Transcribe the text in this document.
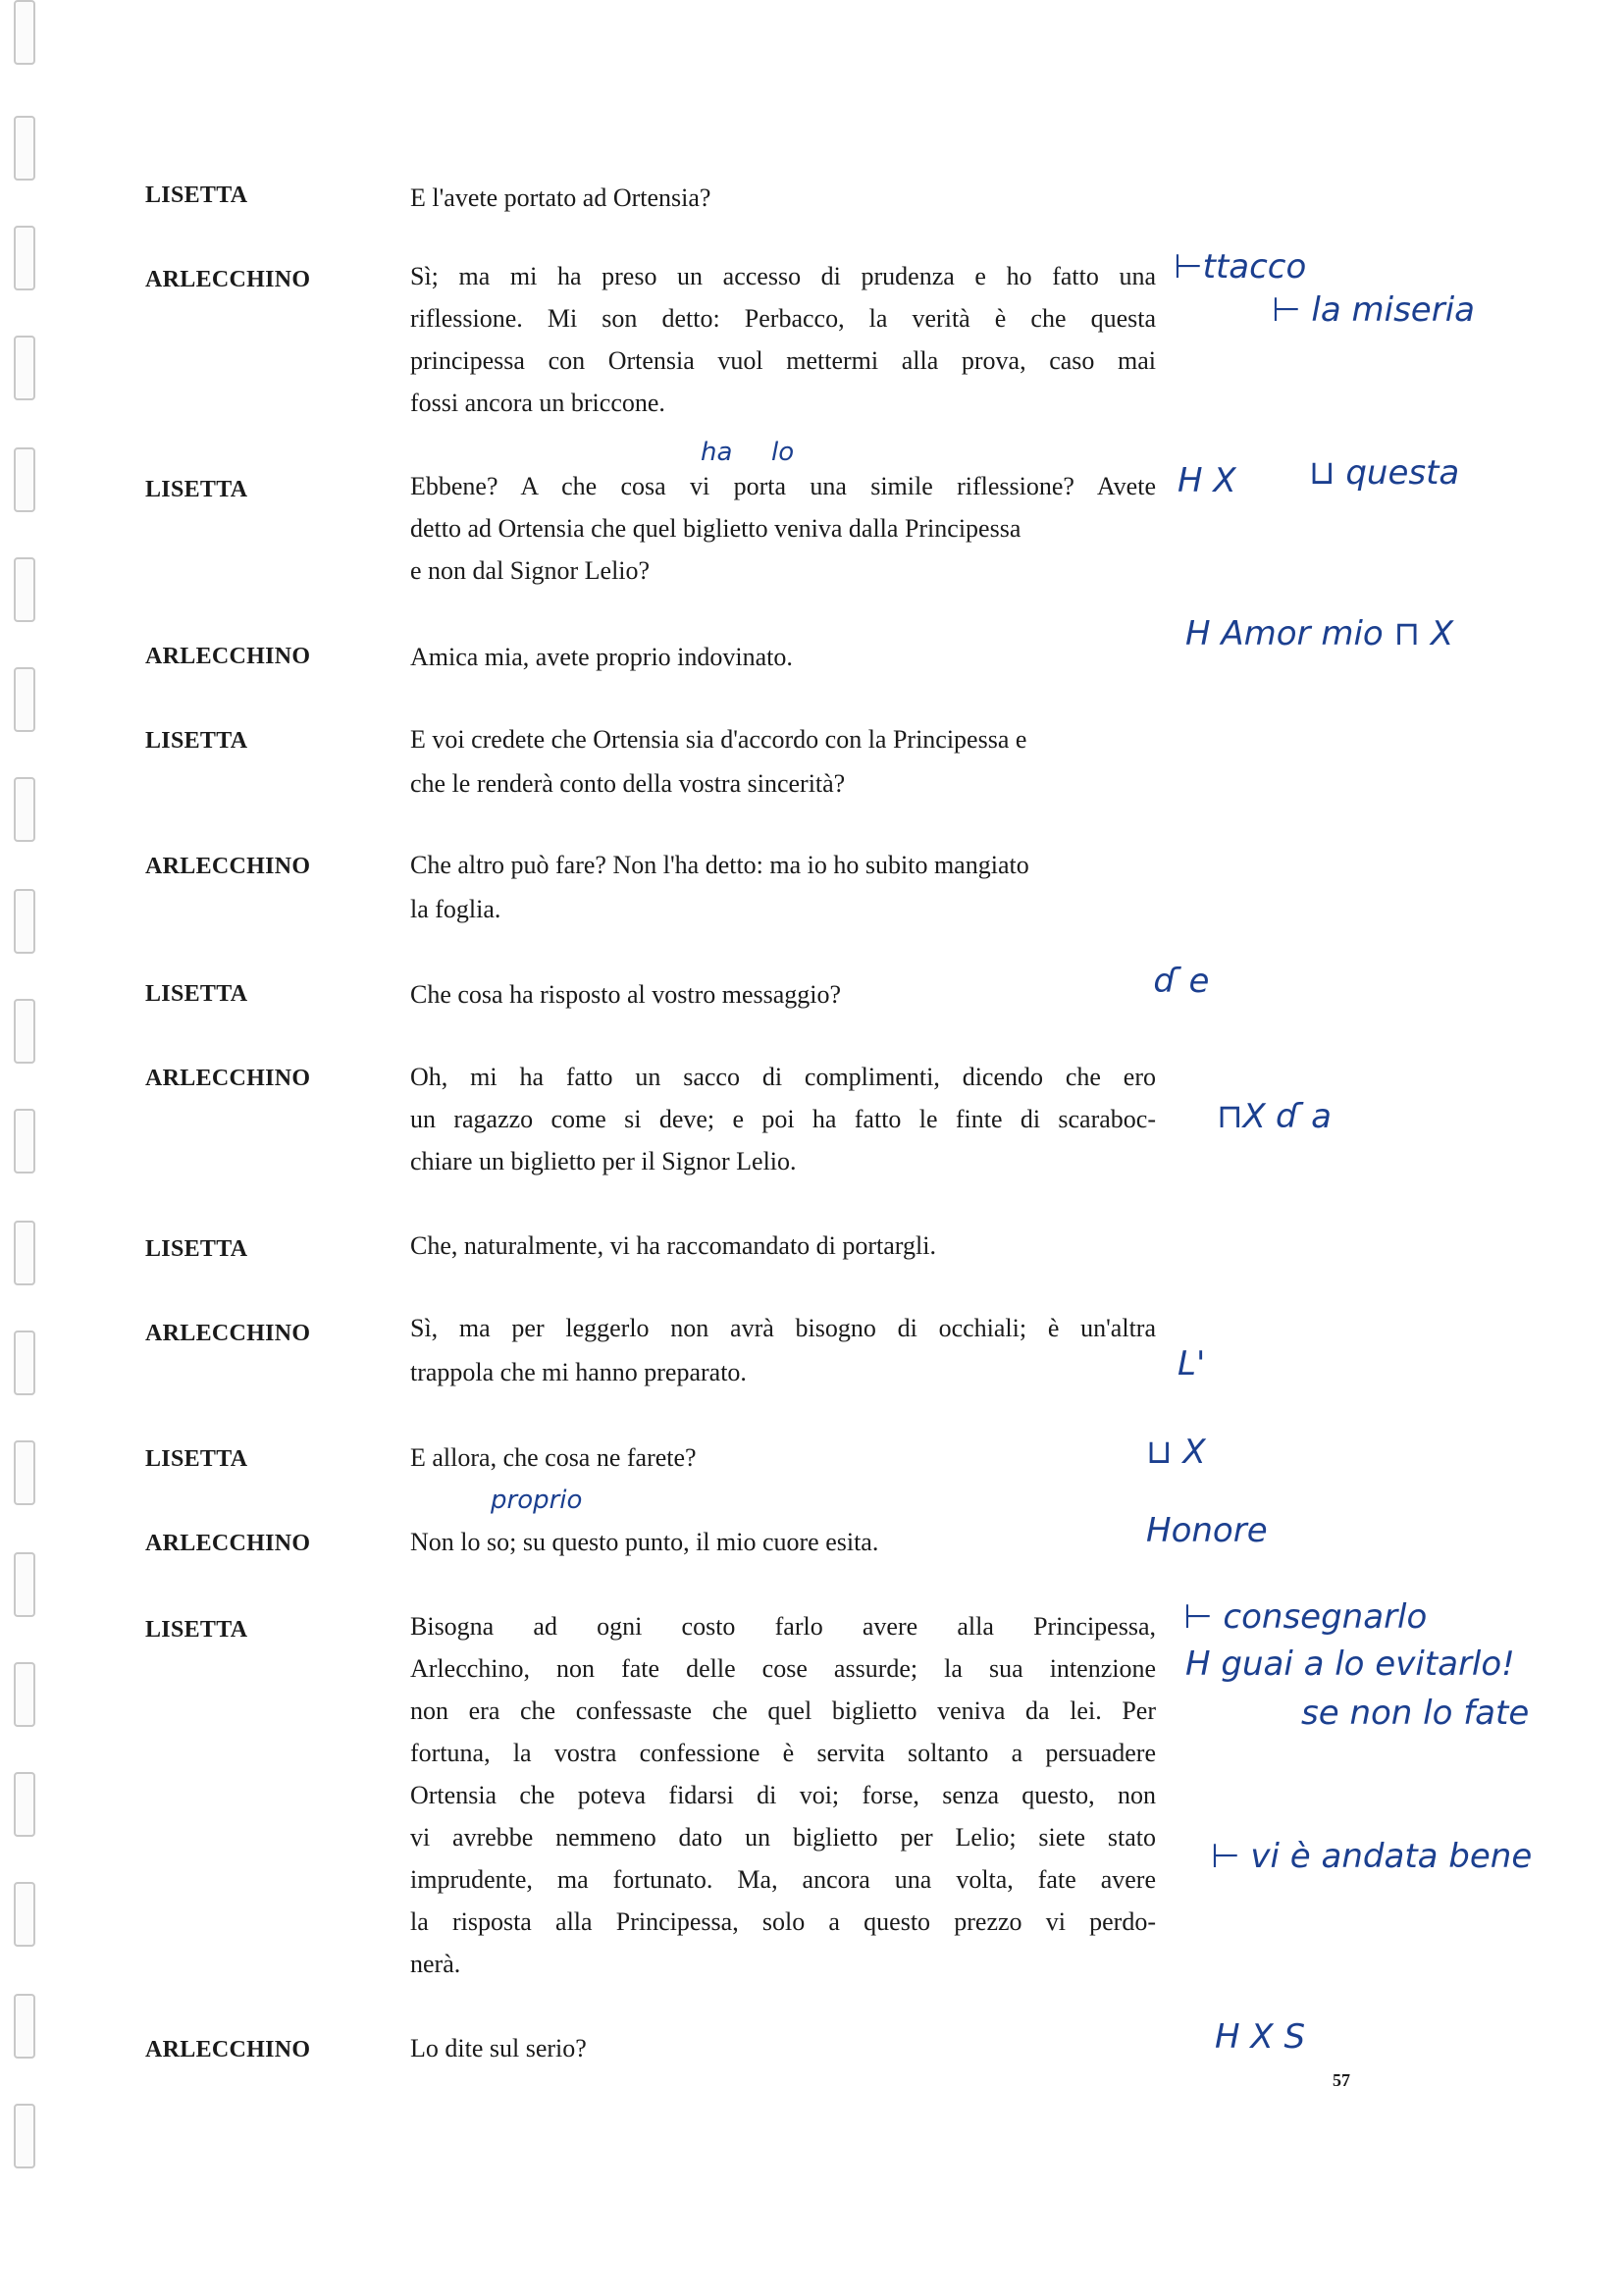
LISETTA	E l'avete portato ad Ortensia?
ARLECCHINO	Sì; ma mi ha preso un accesso di prudenza e ho fatto una
riflessione. Mi son detto: Perbacco, la verità è che questa
principessa con Ortensia vuol mettermi alla prova, caso mai
fossi ancora un briccone.
LISETTA	Ebbene? A che cosa vi porta una simile riflessione? Avete
detto ad Ortensia che quel biglietto veniva dalla Principessa
e non dal Signor Lelio?
ARLECCHINO	Amica mia, avete proprio indovinato.
LISETTA	E voi credete che Ortensia sia d'accordo con la Principessa e
che le renderà conto della vostra sincerità?
ARLECCHINO	Che altro può fare? Non l'ha detto: ma io ho subito mangiato
la foglia.
LISETTA	Che cosa ha risposto al vostro messaggio?
ARLECCHINO	Oh, mi ha fatto un sacco di complimenti, dicendo che ero
un ragazzo come si deve; e poi ha fatto le finte di scaraboc-
chiare un biglietto per il Signor Lelio.
LISETTA	Che, naturalmente, vi ha raccomandato di portargli.
ARLECCHINO	Sì, ma per leggerlo non avrà bisogno di occhiali; è un'altra
trappola che mi hanno preparato.
LISETTA	E allora, che cosa ne farete?
ARLECCHINO	Non lo so; su questo punto, il mio cuore esita.
LISETTA	Bisogna ad ogni costo farlo avere alla Principessa,
Arlecchino, non fate delle cose assurde; la sua intenzione
non era che confessaste che quel biglietto veniva da lei. Per
fortuna, la vostra confessione è servita soltanto a persuadere
Ortensia che poteva fidarsi di voi; forse, senza questo, non
vi avrebbe nemmeno dato un biglietto per Lelio; siete stato
imprudente, ma fortunato. Ma, ancora una volta, fate avere
la risposta alla Principessa, solo a questo prezzo vi perdo-
nerà.
ARLECCHINO	Lo dite sul serio?
⊢ttacco
⊢ la miseria
ha lo
H X ⊔ questa
H Amor mio ⊓ X
ɗ e
⊓X ɗ a
L'
⊔ X
proprio
Honore
⊢ consegnarlo
H guai a lo evitarlo!
se non lo fate
⊢ vi è andata bene
H X S
57
